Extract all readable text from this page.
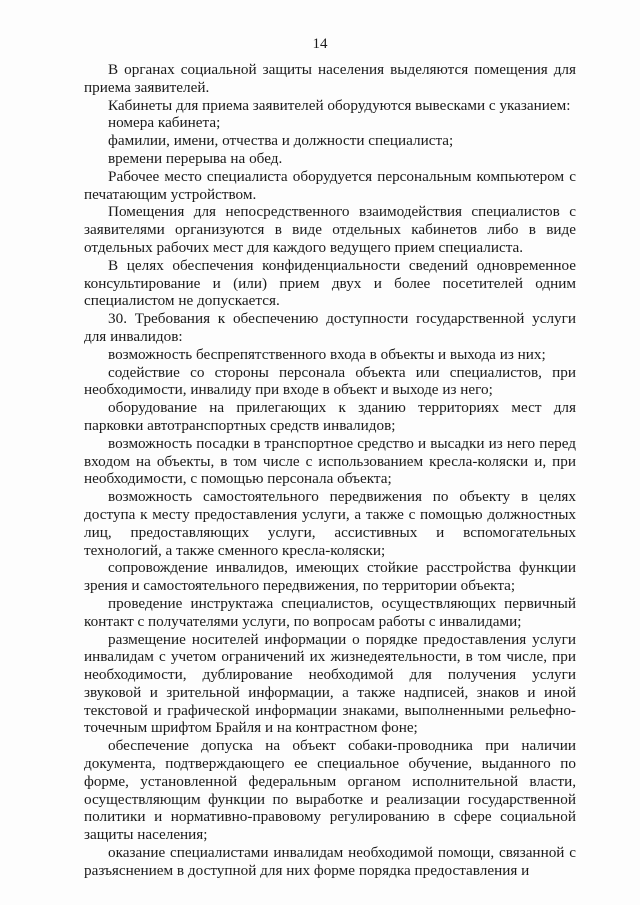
14

В органах социальной защиты населения выделяются помещения для приема заявителей.

Кабинеты для приема заявителей оборудуются вывесками с указанием:

номера кабинета;

фамилии, имени, отчества и должности специалиста;

времени перерыва на обед.

Рабочее место специалиста оборудуется персональным компьютером с печатающим устройством.

Помещения для непосредственного взаимодействия специалистов с заявителями организуются в виде отдельных кабинетов либо в виде отдельных рабочих мест для каждого ведущего прием специалиста.

В целях обеспечения конфиденциальности сведений одновременное консультирование и (или) прием двух и более посетителей одним специалистом не допускается.

30. Требования к обеспечению доступности государственной услуги для инвалидов:

возможность беспрепятственного входа в объекты и выхода из них;

содействие со стороны персонала объекта или специалистов, при необходимости, инвалиду при входе в объект и выходе из него;

оборудование на прилегающих к зданию территориях мест для парковки автотранспортных средств инвалидов;

возможность посадки в транспортное средство и высадки из него перед входом на объекты, в том числе с использованием кресла-коляски и, при необходимости, с помощью персонала объекта;

возможность самостоятельного передвижения по объекту в целях доступа к месту предоставления услуги, а также с помощью должностных лиц, предоставляющих услуги, ассистивных и вспомогательных технологий, а также сменного кресла-коляски;

сопровождение инвалидов, имеющих стойкие расстройства функции зрения и самостоятельного передвижения, по территории объекта;

проведение инструктажа специалистов, осуществляющих первичный контакт с получателями услуги, по вопросам работы с инвалидами;

размещение носителей информации о порядке предоставления услуги инвалидам с учетом ограничений их жизнедеятельности, в том числе, при необходимости, дублирование необходимой для получения услуги звуковой и зрительной информации, а также надписей, знаков и иной текстовой и графической информации знаками, выполненными рельефно-точечным шрифтом Брайля и на контрастном фоне;

обеспечение допуска на объект собаки-проводника при наличии документа, подтверждающего ее специальное обучение, выданного по форме, установленной федеральным органом исполнительной власти, осуществляющим функции по выработке и реализации государственной политики и нормативно-правовому регулированию в сфере социальной защиты населения;

оказание специалистами инвалидам необходимой помощи, связанной с разъяснением в доступной для них форме порядка предоставления и
